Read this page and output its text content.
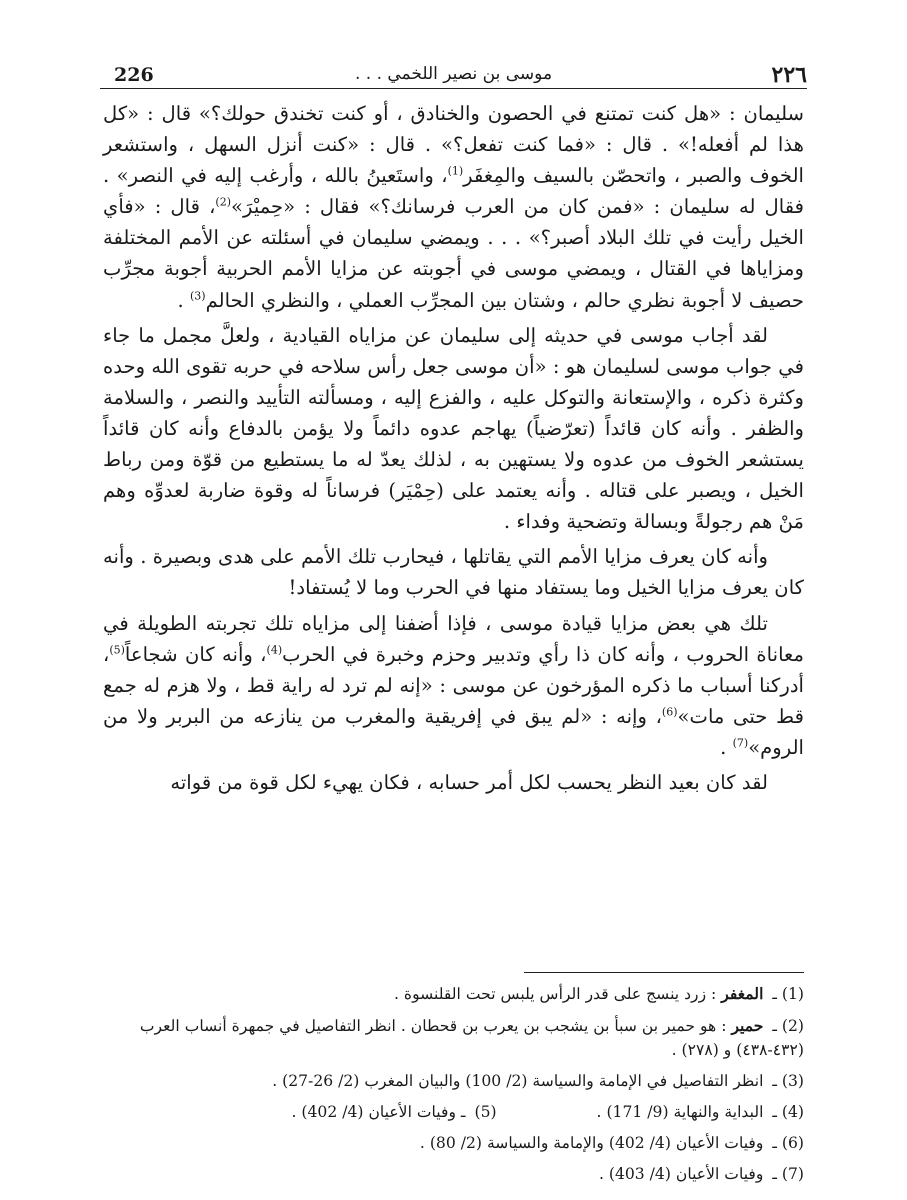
226	موسى بن نصير اللخمي . . .	٢٢٦

سليمان : «هل كنت تمتنع في الحصون والخنادق ، أو كنت تخندق حولك؟» قال : «كل هذا لم أفعله!» . قال : «فما كنت تفعل؟» . قال : «كنت أنزل السهل ، واستشعر الخوف والصبر ، واتحصّن بالسيف والمِغفَر$^{(1)}$، واستَعينُ بالله ، وأرغب إليه في النصر» . فقال له سليمان : «فمن كان من العرب فرسانك؟» فقال : «حِميْرَ»$^{(2)}$، قال : «فأي الخيل رأيت في تلك البلاد أصبر؟» . . . ويمضي سليمان في أسئلته عن الأمم المختلفة ومزاياها في القتال ، ويمضي موسى في أجوبته عن مزايا الأمم الحربية أجوبة مجرِّب حصيف لا أجوبة نظري حالم ، وشتان بين المجرِّب العملي ، والنظري الحالم$^{(3)}$ .

لقد أجاب موسى في حديثه إلى سليمان عن مزاياه القيادية ، ولعلَّ مجمل ما جاء في جواب موسى لسليمان هو : «أن موسى جعل رأس سلاحه في حربه تقوى الله وحده وكثرة ذكره ، والإستعانة والتوكل عليه ، والفزع إليه ، ومسألته التأييد والنصر ، والسلامة والظفر . وأنه كان قائداً (تعرّضياً) يهاجم عدوه دائماً ولا يؤمن بالدفاع وأنه كان قائداً يستشعر الخوف من عدوه ولا يستهين به ، لذلك يعدّ له ما يستطيع من قوّة ومن رباط الخيل ، ويصبر على قتاله . وأنه يعتمد على (حِمْيَر) فرساناً له وقوة ضاربة لعدوِّه وهم مَنْ هم رجولةً وبسالة وتضحية وفداء .

وأنه كان يعرف مزايا الأمم التي يقاتلها ، فيحارب تلك الأمم على هدى وبصيرة . وأنه كان يعرف مزايا الخيل وما يستفاد منها في الحرب وما لا يُستفاد!

تلك هي بعض مزايا قيادة موسى ، فإذا أضفنا إلى مزاياه تلك تجربته الطويلة في معاناة الحروب ، وأنه كان ذا رأي وتدبير وحزم وخبرة في الحرب$^{(4)}$، وأنه كان شجاعاً$^{(5)}$، أدركنا أسباب ما ذكره المؤرخون عن موسى : «إنه لم ترد له راية قط ، ولا هزم له جمع قط حتى مات»$^{(6)}$، وإنه : «لم يبق في إفريقية والمغرب من ينازعه من البربر ولا من الروم»$^{(7)}$ .

لقد كان بعيد النظر يحسب لكل أمر حسابه ، فكان يهيء لكل قوة من قواته

(1) ـ المغفر : زرد ينسج على قدر الرأس يلبس تحت القلنسوة .
(2) ـ حمير : هو حمير بن سبأ بن يشجب بن يعرب بن قحطان . انظر التفاصيل في جمهرة أنساب العرب (٤٣٢-٤٣٨) و (٢٧٨) .
(3) ـ انظر التفاصيل في الإمامة والسياسة (2/ 100) والبيان المغرب (2/ 26-27) .
(4) ـ البداية والنهاية (9/ 171) .  (5) ـ وفيات الأعيان (4/ 402) .
(6) ـ وفيات الأعيان (4/ 402) والإمامة والسياسة (2/ 80) .
(7) ـ وفيات الأعيان (4/ 403) .
